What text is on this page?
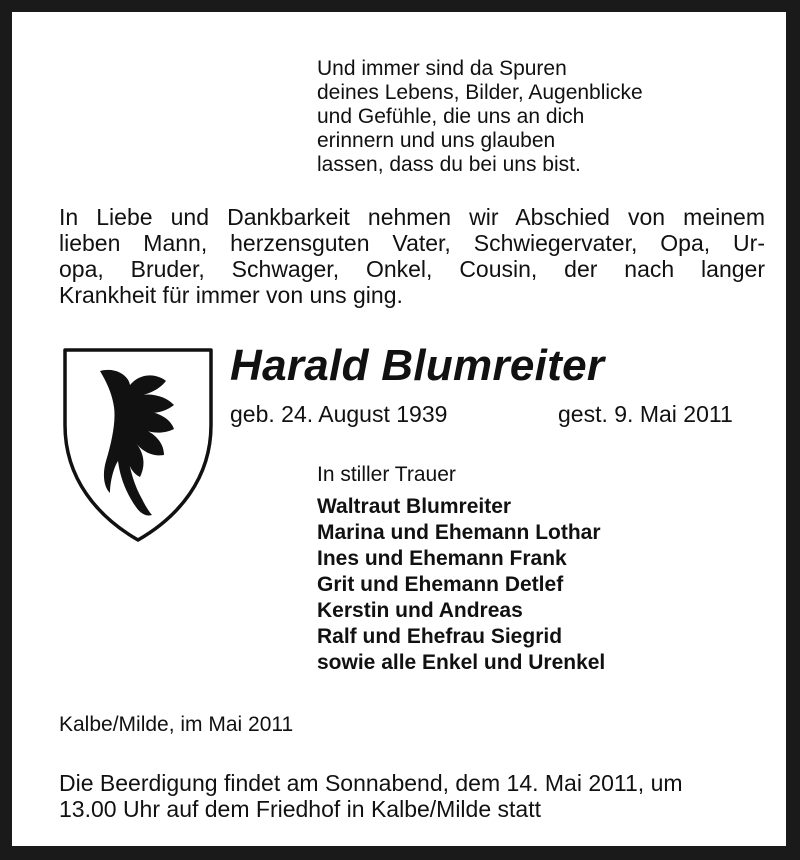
Und immer sind da Spuren
deines Lebens, Bilder, Augenblicke
und Gefühle, die uns an dich
erinnern und uns glauben
lassen, dass du bei uns bist.
In Liebe und Dankbarkeit nehmen wir Abschied von meinem
lieben Mann, herzensguten Vater, Schwiegervater, Opa, Ur-
opa, Bruder, Schwager, Onkel, Cousin, der nach langer
Krankheit für immer von uns ging.
Harald Blumreiter
geb. 24. August 1939	gest. 9. Mai 2011
In stiller Trauer
Waltraut Blumreiter
Marina und Ehemann Lothar
Ines und Ehemann Frank
Grit und Ehemann Detlef
Kerstin und Andreas
Ralf und Ehefrau Siegrid
sowie alle Enkel und Urenkel
Kalbe/Milde, im Mai 2011
Die Beerdigung findet am Sonnabend, dem 14. Mai 2011, um
13.00 Uhr auf dem Friedhof in Kalbe/Milde statt
